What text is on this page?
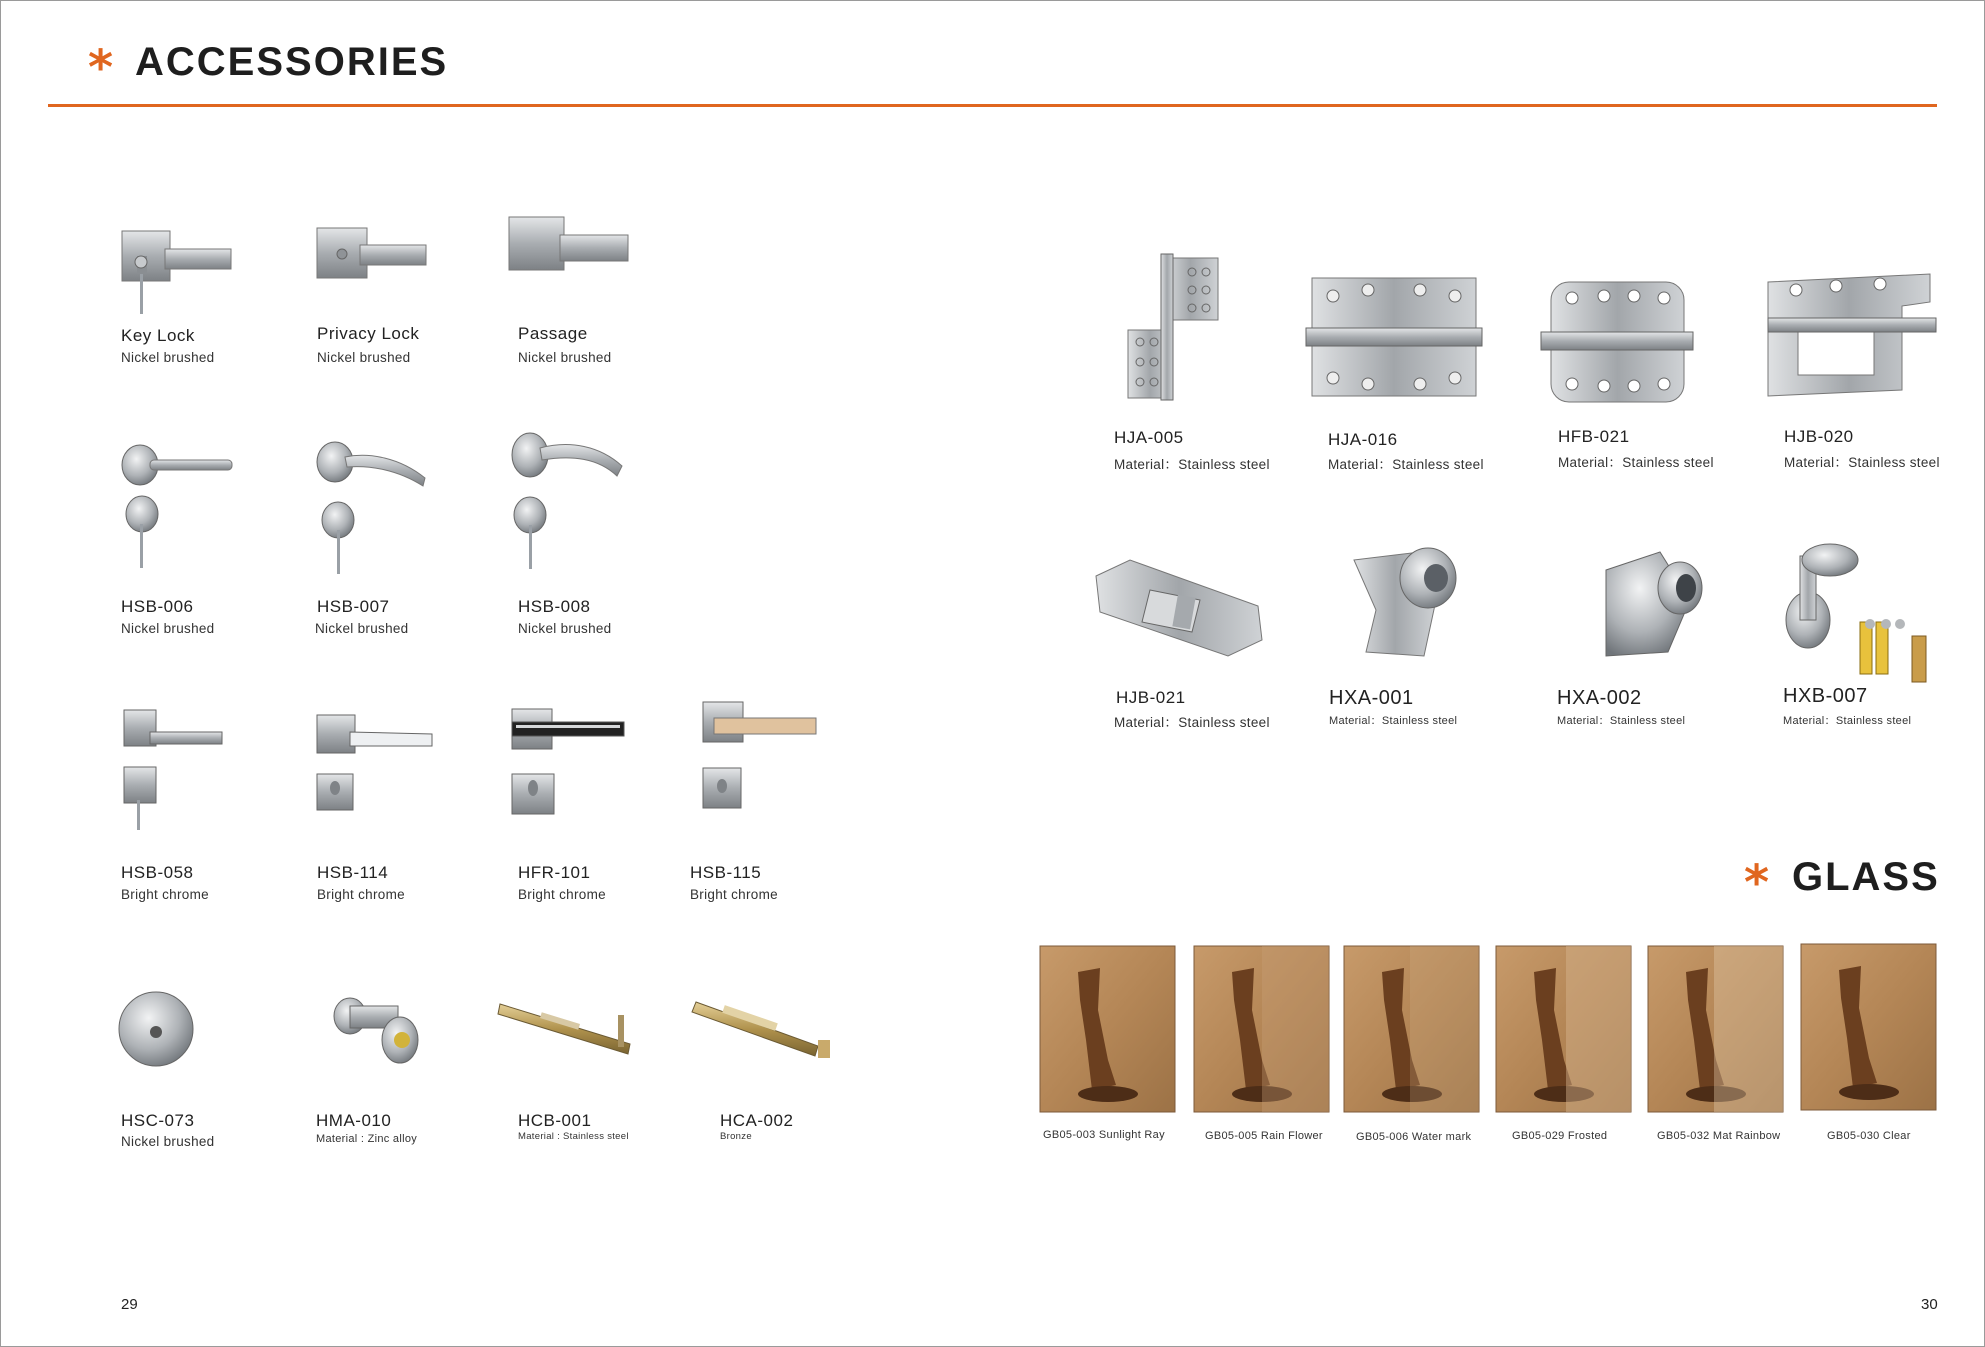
* ACCESSORIES
Key Lock
Nickel brushed
Privacy Lock
Nickel brushed
Passage
Nickel brushed
HSB-006
Nickel brushed
HSB-007
Nickel brushed
HSB-008
Nickel brushed
HSB-058
Bright chrome
HSB-114
Bright chrome
HFR-101
Bright chrome
HSB-115
Bright chrome
HSC-073
Nickel brushed
HMA-010
Material : Zinc alloy
HCB-001
Material : Stainless steel
HCA-002
Bronze
HJA-005
Material：Stainless steel
HJA-016
Material：Stainless steel
HFB-021
Material：Stainless steel
HJB-020
Material：Stainless steel
HJB-021
Material：Stainless steel
HXA-001
Material：Stainless steel
HXA-002
Material：Stainless steel
HXB-007
Material：Stainless steel
* GLASS
GB05-003 Sunlight Ray	GB05-005 Rain Flower	GB05-006 Water mark	GB05-029 Frosted	GB05-032 Mat Rainbow	GB05-030 Clear
29	30
